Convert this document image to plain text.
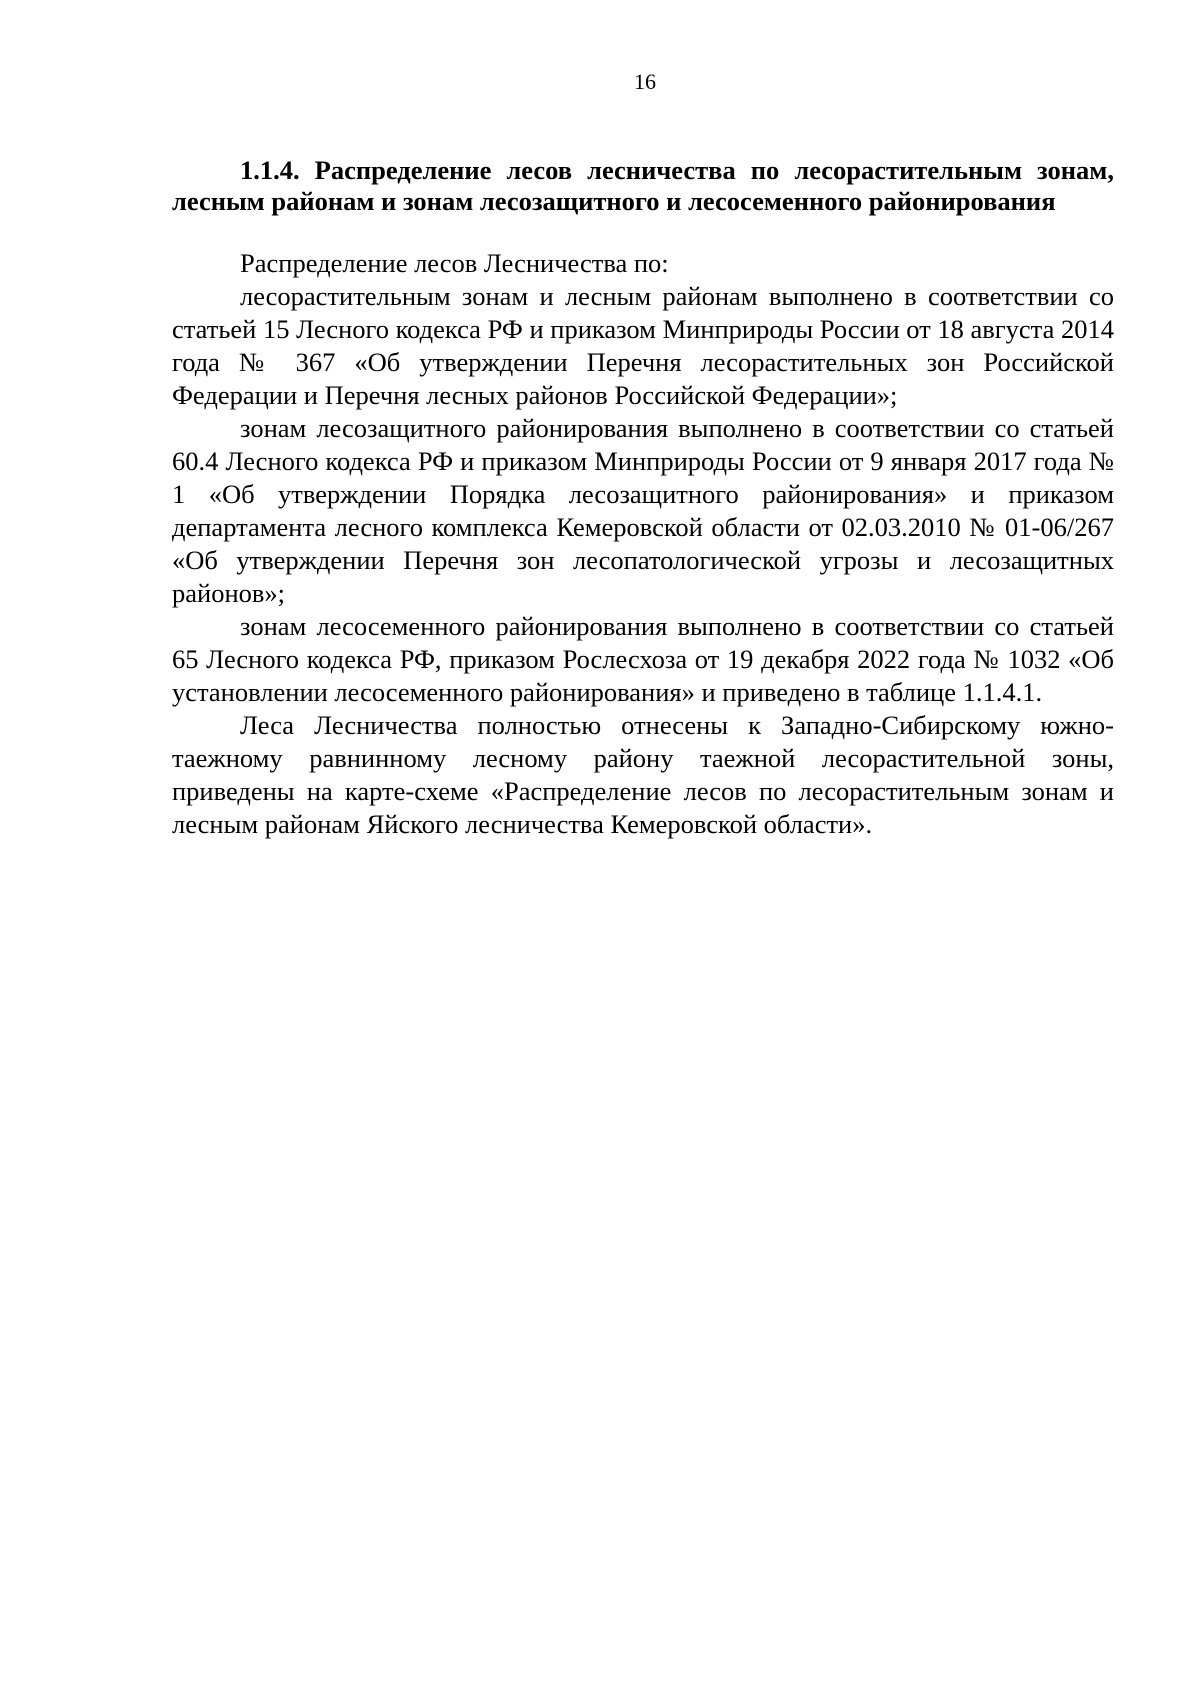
16
1.1.4. Распределение лесов лесничества по лесорастительным зонам, лесным районам и зонам лесозащитного и лесосеменного районирования

Распределение лесов Лесничества по:

лесорастительным зонам и лесным районам выполнено в соответствии со статьей 15 Лесного кодекса РФ и приказом Минприроды России от 18 августа 2014 года № 367 «Об утверждении Перечня лесорастительных зон Российской Федерации и Перечня лесных районов Российской Федерации»;

зонам лесозащитного районирования выполнено в соответствии со статьей 60.4 Лесного кодекса РФ и приказом Минприроды России от 9 января 2017 года № 1 «Об утверждении Порядка лесозащитного районирования» и приказом департамента лесного комплекса Кемеровской области от 02.03.2010 № 01-06/267 «Об утверждении Перечня зон лесопатологической угрозы и лесозащитных районов»;

зонам лесосеменного районирования выполнено в соответствии со статьей 65 Лесного кодекса РФ, приказом Рослесхоза от 19 декабря 2022 года № 1032 «Об установлении лесосеменного районирования» и приведено в таблице 1.1.4.1.

Леса Лесничества полностью отнесены к Западно-Сибирскому южно-таежному равнинному лесному району таежной лесорастительной зоны, приведены на карте-схеме «Распределение лесов по лесорастительным зонам и лесным районам Яйского лесничества Кемеровской области».
